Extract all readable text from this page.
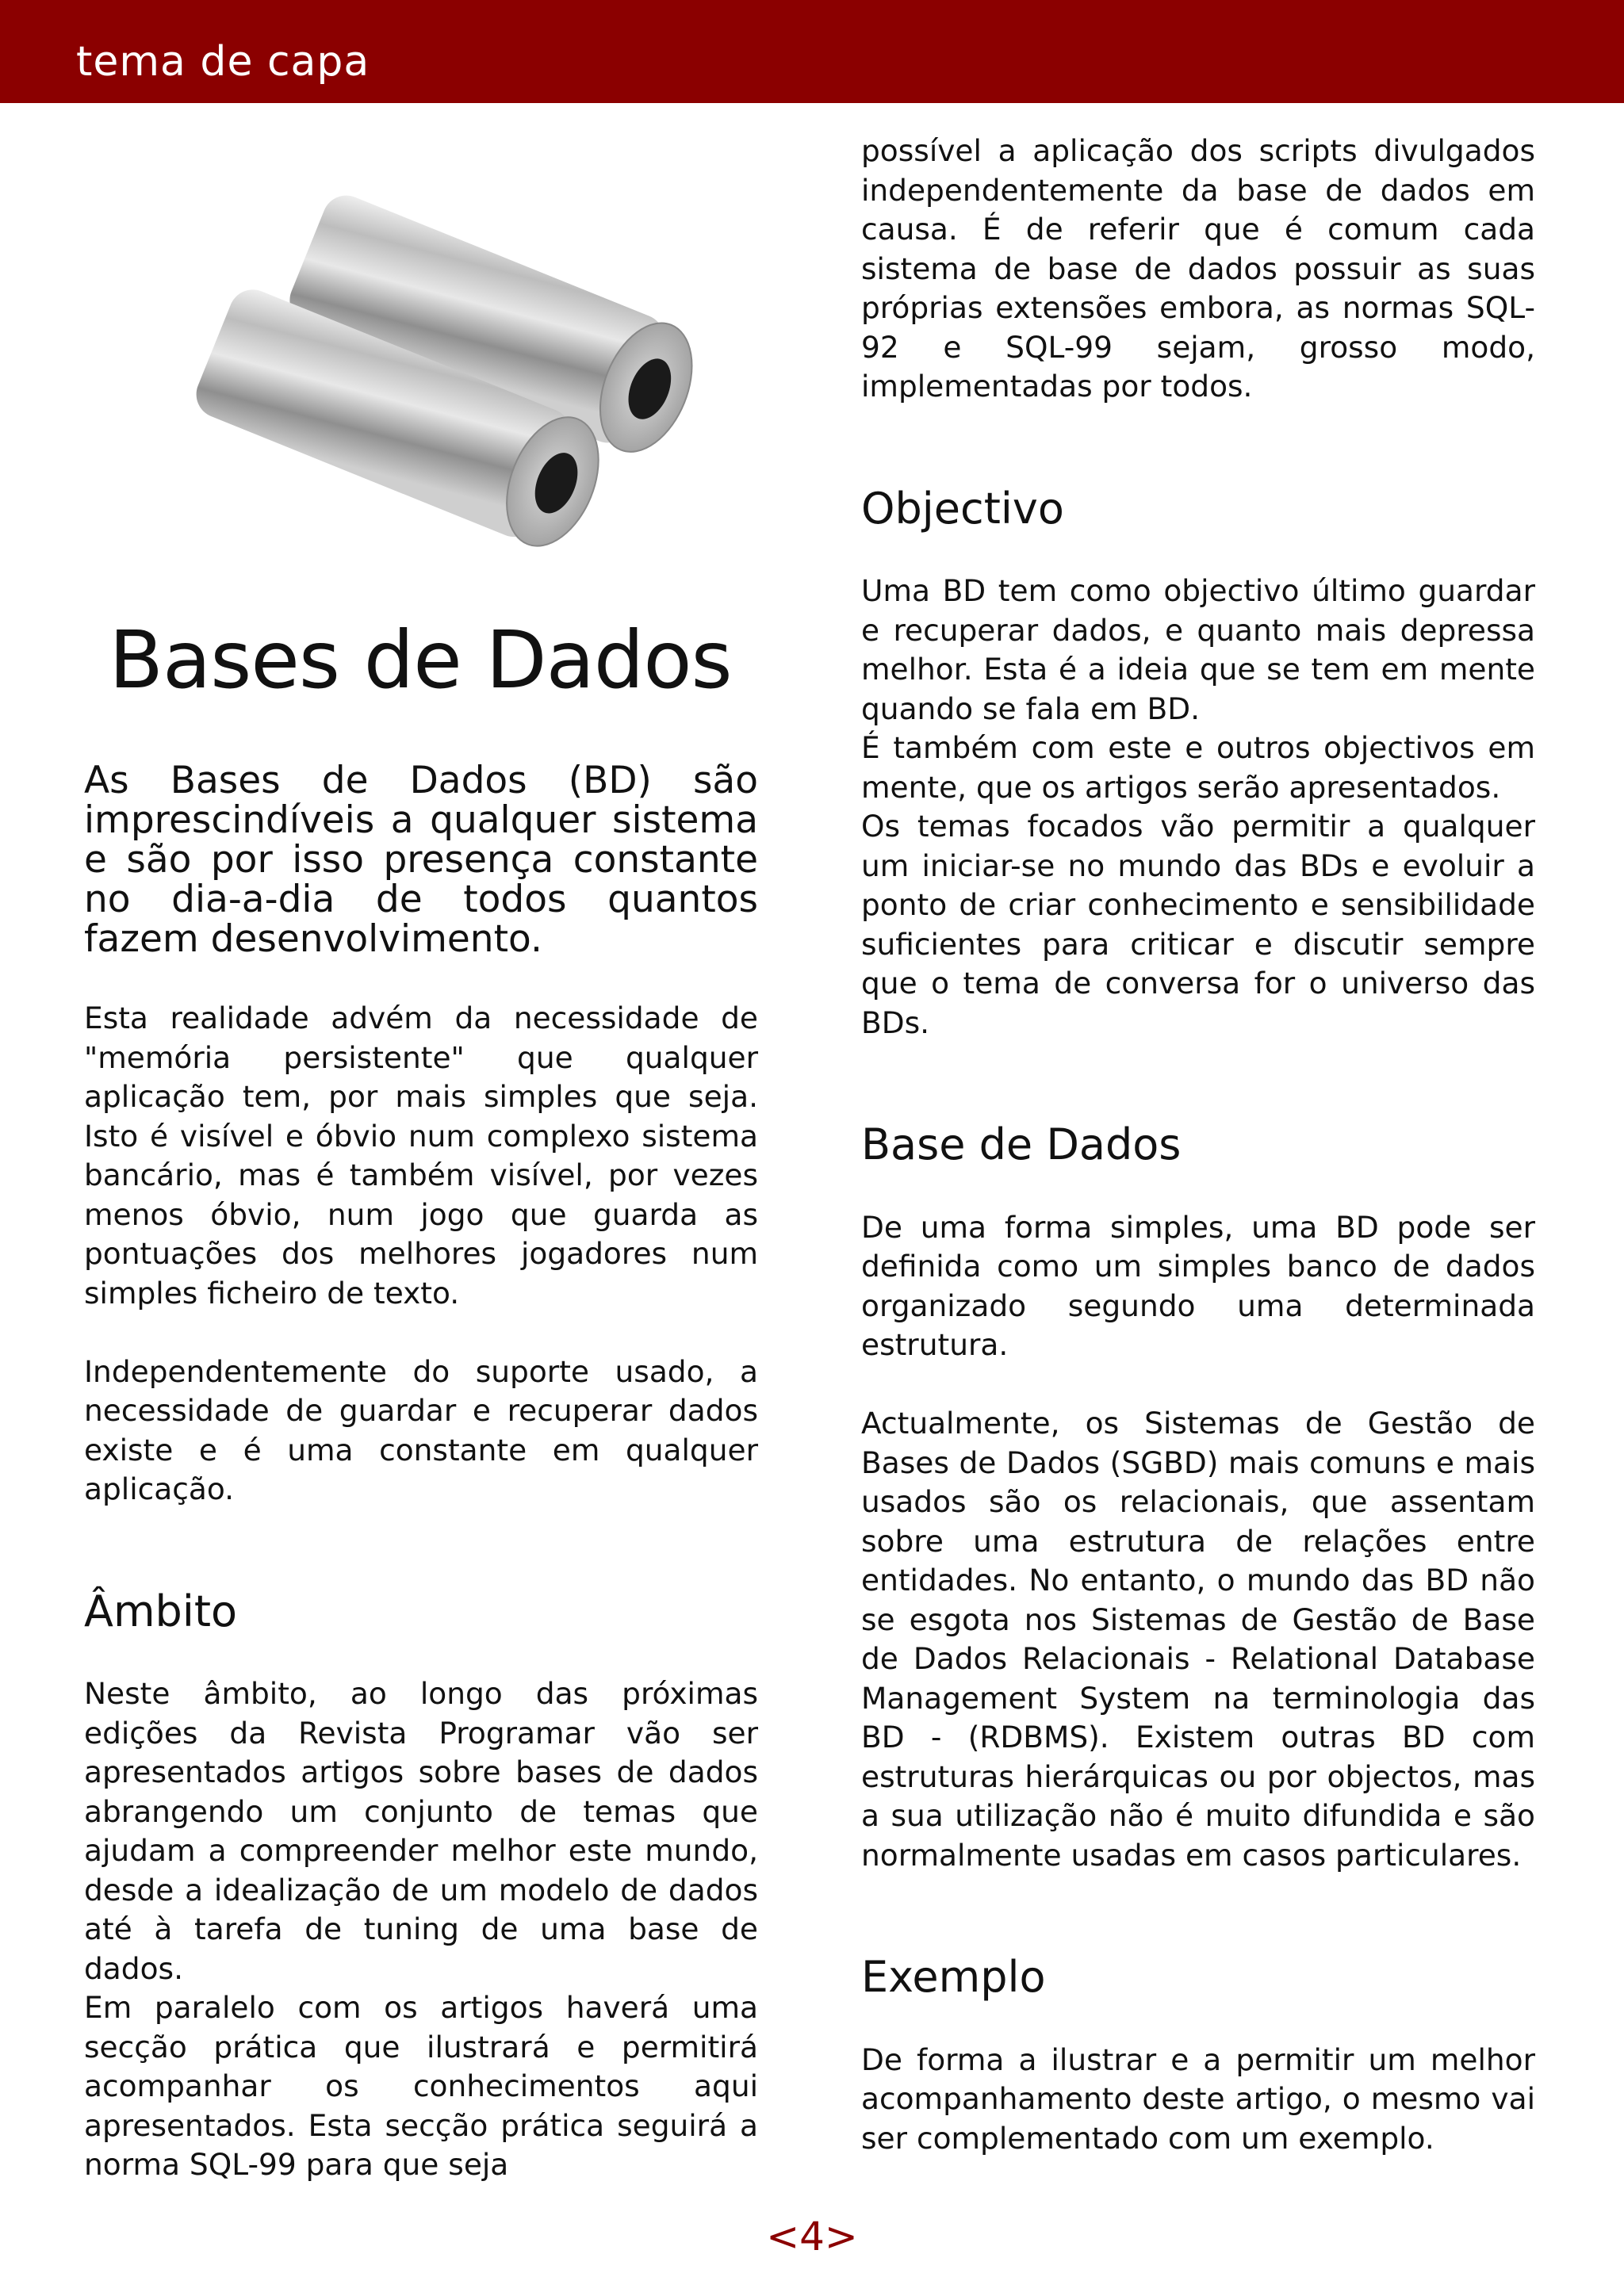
tema de capa
Bases de Dados

As Bases de Dados (BD) são imprescindíveis a qualquer sistema e são por isso presença constante no dia-a-dia de todos quantos fazem desenvolvimento.

Esta realidade advém da necessidade de "memória persistente" que qualquer aplicação tem, por mais simples que seja. Isto é visível e óbvio num complexo sistema bancário, mas é também visível, por vezes menos óbvio, num jogo que guarda as pontuações dos melhores jogadores num simples ficheiro de texto.

Independentemente do suporte usado, a necessidade de guardar e recuperar dados existe e é uma constante em qualquer aplicação.

Âmbito

Neste âmbito, ao longo das próximas edições da Revista Programar vão ser apresentados artigos sobre bases de dados abrangendo um conjunto de temas que ajudam a compreender melhor este mundo, desde a idealização de um modelo de dados até à tarefa de tuning de uma base de dados.

Em paralelo com os artigos haverá uma secção prática que ilustrará e permitirá acompanhar os conhecimentos aqui apresentados. Esta secção prática seguirá a norma SQL-99 para que seja

possível a aplicação dos scripts divulgados independentemente da base de dados em causa. É de referir que é comum cada sistema de base de dados possuir as suas próprias extensões embora, as normas SQL-92 e SQL-99 sejam, grosso modo, implementadas por todos.

Objectivo

Uma BD tem como objectivo último guardar e recuperar dados, e quanto mais depressa melhor. Esta é a ideia que se tem em mente quando se fala em BD.

É também com este e outros objectivos em mente, que os artigos serão apresentados.

Os temas focados vão permitir a qualquer um iniciar-se no mundo das BDs e evoluir a ponto de criar conhecimento e sensibilidade suficientes para criticar e discutir sempre que o tema de conversa for o universo das BDs.

Base de Dados

De uma forma simples, uma BD pode ser definida como um simples banco de dados organizado segundo uma determinada estrutura.

Actualmente, os Sistemas de Gestão de Bases de Dados (SGBD) mais comuns e mais usados são os relacionais, que assentam sobre uma estrutura de relações entre entidades. No entanto, o mundo das BD não se esgota nos Sistemas de Gestão de Base de Dados Relacionais - Relational Database Management System na terminologia das BD - (RDBMS). Existem outras BD com estruturas hierárquicas ou por objectos, mas a sua utilização não é muito difundida e são normalmente usadas em casos particulares.

Exemplo

De forma a ilustrar e a permitir um melhor acompanhamento deste artigo, o mesmo vai ser complementado com um exemplo.

<4>
